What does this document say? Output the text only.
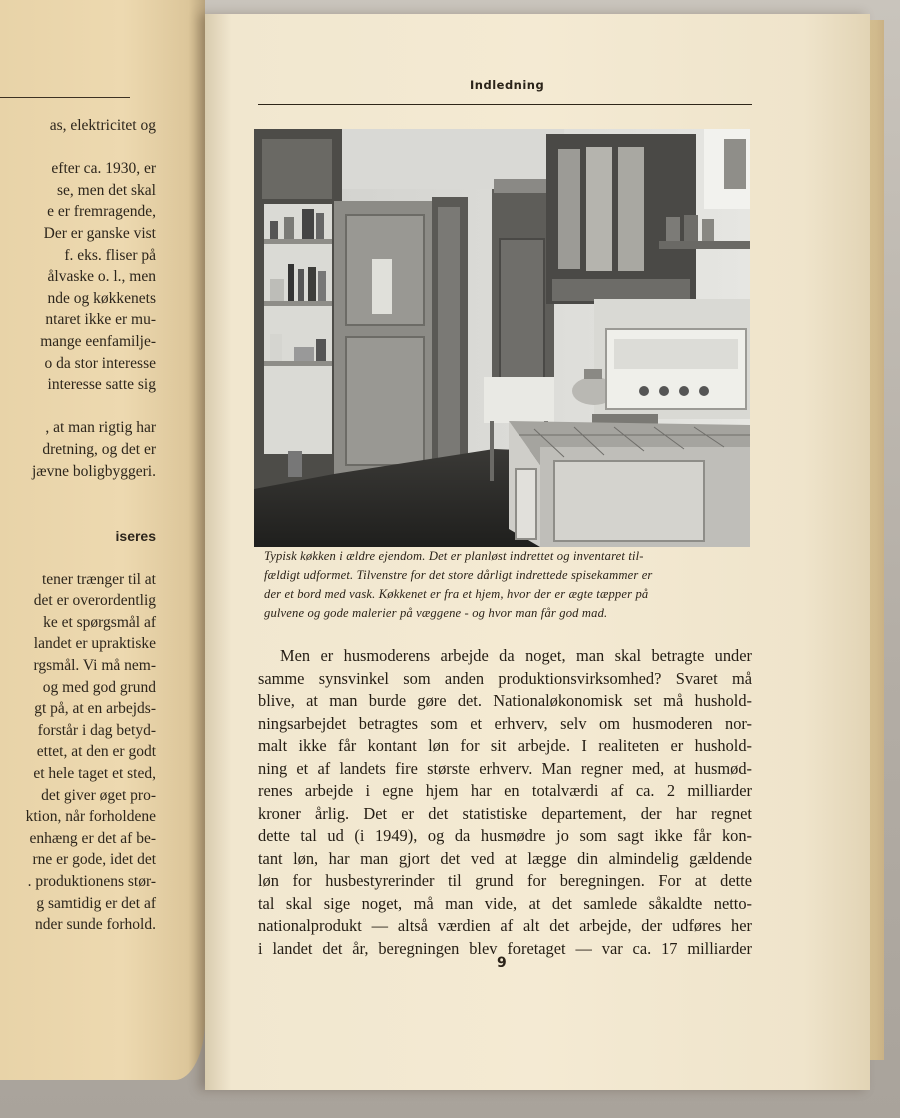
as, elektricitet og
efter ca. 1930, er
se, men det skal
e er fremragende,
Der er ganske vist
f. eks. fliser på
ålvaske o. l., men
nde og køkkenets
ntaret ikke er mu-
mange eenfamilje-
o da stor interesse
interesse satte sig
, at man rigtig har
dretning, og det er
jævne boligbyggeri.
iseres
tener trænger til at
det er overordentlig
ke et spørgsmål af
landet er upraktiske
rgsmål. Vi må nem-
og med god grund
gt på, at en arbejds-
forstår i dag betyd-
ettet, at den er godt
et hele taget et sted,
det giver øget pro-
ktion, når forholdene
enhæng er det af be-
rne er gode, idet det
. produktionens stør-
g samtidig er det af
nder sunde forhold.
Indledning
Typisk køkken i ældre ejendom. Det er planløst indrettet og inventaret til-
fældigt udformet. Tilvenstre for det store dårligt indrettede spisekammer er
der et bord med vask. Køkkenet er fra et hjem, hvor der er ægte tæpper på
gulvene og gode malerier på væggene - og hvor man får god mad.
Men er husmoderens arbejde da noget, man skal betragte under
samme synsvinkel som anden produktionsvirksomhed? Svaret må
blive, at man burde gøre det. Nationaløkonomisk set må hushold-
ningsarbejdet betragtes som et erhverv, selv om husmoderen nor-
malt ikke får kontant løn for sit arbejde. I realiteten er hushold-
ning et af landets fire største erhverv. Man regner med, at husmød-
renes arbejde i egne hjem har en totalværdi af ca. 2 milliarder
kroner årlig. Det er det statistiske departement, der har regnet
dette tal ud (i 1949), og da husmødre jo som sagt ikke får kon-
tant løn, har man gjort det ved at lægge din almindelig gældende
løn for husbestyrerinder til grund for beregningen. For at dette
tal skal sige noget, må man vide, at det samlede såkaldte netto-
nationalprodukt — altså værdien af alt det arbejde, der udføres her
i landet det år, beregningen blev foretaget — var ca. 17 milliarder
9
